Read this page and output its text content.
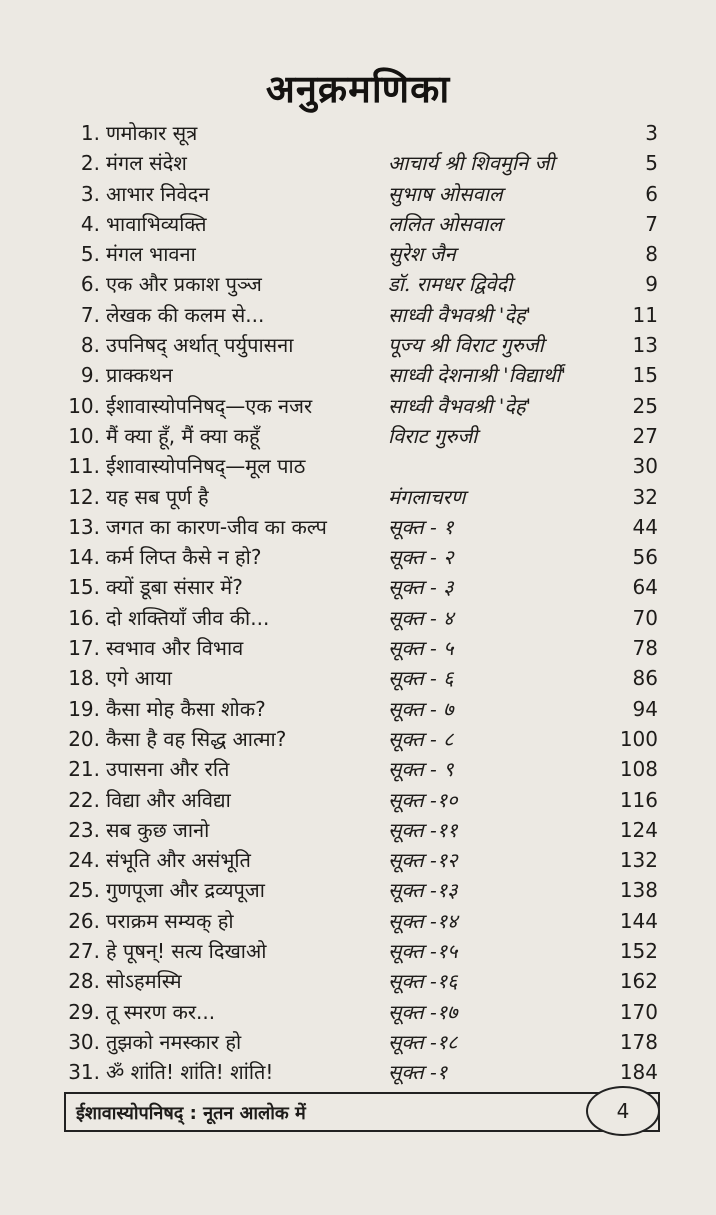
अनुक्रमणिका
1. णमोकार सूत्र	3
2. मंगल संदेश	आचार्य श्री शिवमुनि जी	5
3. आभार निवेदन	सुभाष ओसवाल	6
4. भावाभिव्यक्ति	ललित ओसवाल	7
5. मंगल भावना	सुरेश जैन	8
6. एक और प्रकाश पुञ्ज	डॉ. रामधर द्विवेदी	9
7. लेखक की कलम से...	साध्वी वैभवश्री 'देह'	11
8. उपनिषद् अर्थात् पर्युपासना	पूज्य श्री विराट गुरुजी	13
9. प्राक्कथन	साध्वी देशनाश्री 'विद्यार्थी'	15
10. ईशावास्योपनिषद्—एक नजर	साध्वी वैभवश्री 'देह'	25
10. मैं क्या हूँ, मैं क्या कहूँ	विराट गुरुजी	27
11. ईशावास्योपनिषद्—मूल पाठ	30
12. यह सब पूर्ण है	मंगलाचरण	32
13. जगत का कारण-जीव का कल्प	सूक्त - १	44
14. कर्म लिप्त कैसे न हो?	सूक्त - २	56
15. क्यों डूबा संसार में?	सूक्त - ३	64
16. दो शक्तियाँ जीव की...	सूक्त - ४	70
17. स्वभाव और विभाव	सूक्त - ५	78
18. एगे आया	सूक्त - ६	86
19. कैसा मोह कैसा शोक?	सूक्त - ७	94
20. कैसा है वह सिद्ध आत्मा?	सूक्त - ८	100
21. उपासना और रति	सूक्त - ९	108
22. विद्या और अविद्या	सूक्त -१०	116
23. सब कुछ जानो	सूक्त -११	124
24. संभूति और असंभूति	सूक्त -१२	132
25. गुणपूजा और द्रव्यपूजा	सूक्त -१३	138
26. पराक्रम सम्यक् हो	सूक्त -१४	144
27. हे पूषन्! सत्य दिखाओ	सूक्त -१५	152
28. सोऽहमस्मि	सूक्त -१६	162
29. तू स्मरण कर...	सूक्त -१७	170
30. तुझको नमस्कार हो	सूक्त -१८	178
31. ॐ शांति! शांति! शांति!	सूक्त -१	184
ईशावास्योपनिषद् : नूतन आलोक में	4
